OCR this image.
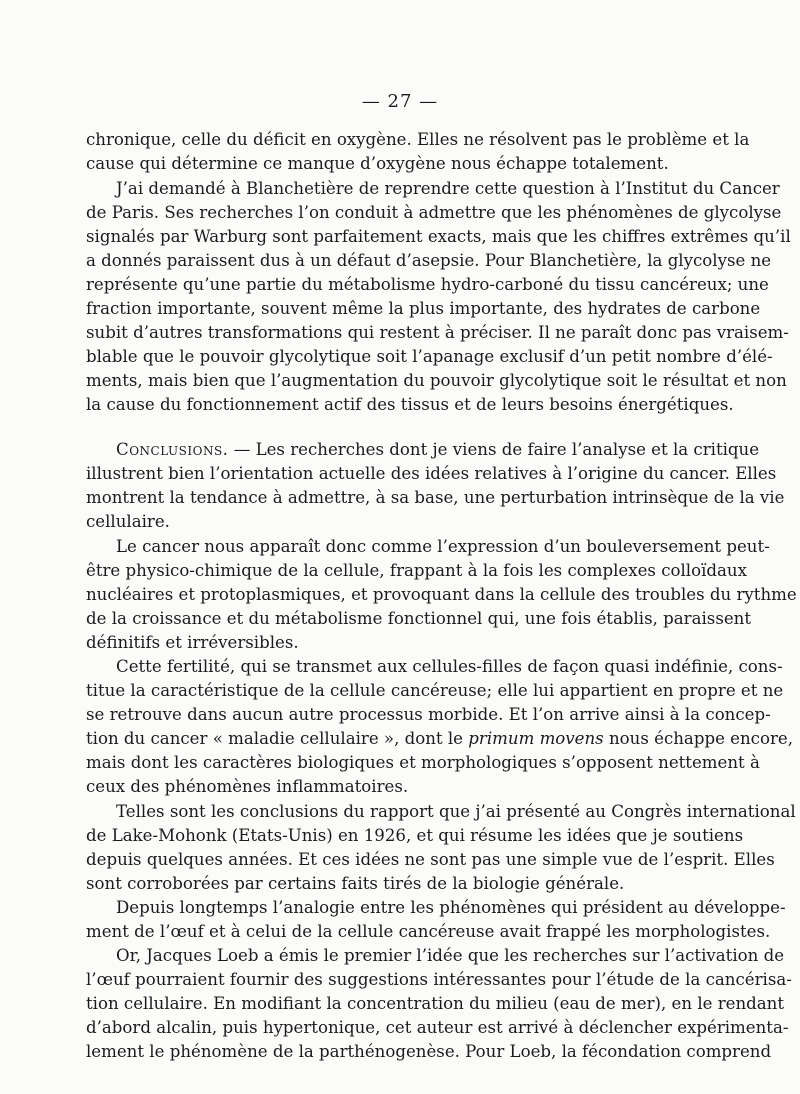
— 27 —
chronique, celle du déficit en oxygène. Elles ne résolvent pas le problème et la
cause qui détermine ce manque d’oxygène nous échappe totalement.
J’ai demandé à Blanchetière de reprendre cette question à l’Institut du Cancer
de Paris. Ses recherches l’on conduit à admettre que les phénomènes de glycolyse
signalés par Warburg sont parfaitement exacts, mais que les chiffres extrêmes qu’il
a donnés paraissent dus à un défaut d’asepsie. Pour Blanchetière, la glycolyse ne
représente qu’une partie du métabolisme hydro-carboné du tissu cancéreux; une
fraction importante, souvent même la plus importante, des hydrates de carbone
subit d’autres transformations qui restent à préciser. Il ne paraît donc pas vraisem-
blable que le pouvoir glycolytique soit l’apanage exclusif d’un petit nombre d’élé-
ments, mais bien que l’augmentation du pouvoir glycolytique soit le résultat et non
la cause du fonctionnement actif des tissus et de leurs besoins énergétiques.
Conclusions. — Les recherches dont je viens de faire l’analyse et la critique
illustrent bien l’orientation actuelle des idées relatives à l’origine du cancer. Elles
montrent la tendance à admettre, à sa base, une perturbation intrinsèque de la vie
cellulaire.
Le cancer nous apparaît donc comme l’expression d’un bouleversement peut-
être physico-chimique de la cellule, frappant à la fois les complexes colloïdaux
nucléaires et protoplasmiques, et provoquant dans la cellule des troubles du rythme
de la croissance et du métabolisme fonctionnel qui, une fois établis, paraissent
définitifs et irréversibles.
Cette fertilité, qui se transmet aux cellules-filles de façon quasi indéfinie, cons-
titue la caractéristique de la cellule cancéreuse; elle lui appartient en propre et ne
se retrouve dans aucun autre processus morbide. Et l’on arrive ainsi à la concep-
tion du cancer « maladie cellulaire », dont le primum movens nous échappe encore,
mais dont les caractères biologiques et morphologiques s’opposent nettement à
ceux des phénomènes inflammatoires.
Telles sont les conclusions du rapport que j’ai présenté au Congrès international
de Lake-Mohonk (Etats-Unis) en 1926, et qui résume les idées que je soutiens
depuis quelques années. Et ces idées ne sont pas une simple vue de l’esprit. Elles
sont corroborées par certains faits tirés de la biologie générale.
Depuis longtemps l’analogie entre les phénomènes qui président au développe-
ment de l’œuf et à celui de la cellule cancéreuse avait frappé les morphologistes.
Or, Jacques Loeb a émis le premier l’idée que les recherches sur l’activation de
l’œuf pourraient fournir des suggestions intéressantes pour l’étude de la cancérisa-
tion cellulaire. En modifiant la concentration du milieu (eau de mer), en le rendant
d’abord alcalin, puis hypertonique, cet auteur est arrivé à déclencher expérimenta-
lement le phénomène de la parthénogenèse. Pour Loeb, la fécondation comprend
